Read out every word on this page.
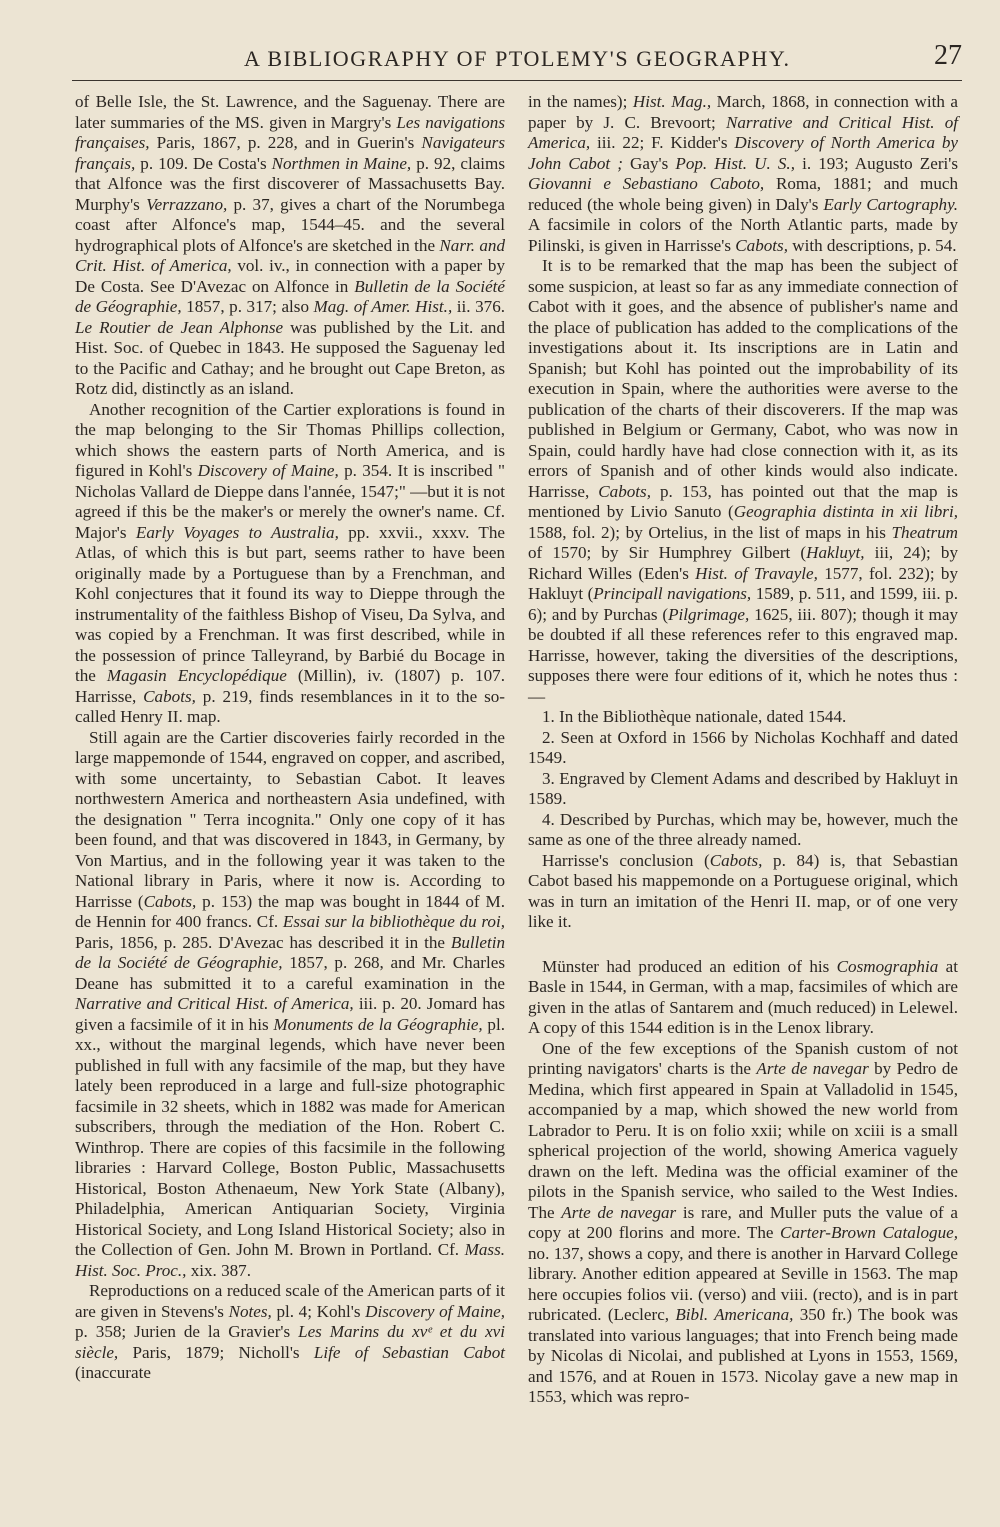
A BIBLIOGRAPHY OF PTOLEMY'S GEOGRAPHY.	27

of Belle Isle, the St. Lawrence, and the Saguenay. There are later summaries of the MS. given in Margry's Les navigations françaises, Paris, 1867, p. 228, and in Guerin's Navigateurs français, p. 109. De Costa's Northmen in Maine, p. 92, claims that Alfonce was the first discoverer of Massachusetts Bay. Murphy's Verrazzano, p. 37, gives a chart of the Norumbega coast after Alfonce's map, 1544–45. and the several hydrographical plots of Alfonce's are sketched in the Narr. and Crit. Hist. of America, vol. iv., in connection with a paper by De Costa. See D'Avezac on Alfonce in Bulletin de la Société de Géographie, 1857, p. 317; also Mag. of Amer. Hist., ii. 376. Le Routier de Jean Alphonse was published by the Lit. and Hist. Soc. of Quebec in 1843. He supposed the Saguenay led to the Pacific and Cathay; and he brought out Cape Breton, as Rotz did, distinctly as an island.

Another recognition of the Cartier explorations is found in the map belonging to the Sir Thomas Phillips collection, which shows the eastern parts of North America, and is figured in Kohl's Discovery of Maine, p. 354. It is inscribed " Nicholas Vallard de Dieppe dans l'année, 1547;" —but it is not agreed if this be the maker's or merely the owner's name. Cf. Major's Early Voyages to Australia, pp. xxvii., xxxv. The Atlas, of which this is but part, seems rather to have been originally made by a Portuguese than by a Frenchman, and Kohl conjectures that it found its way to Dieppe through the instrumentality of the faithless Bishop of Viseu, Da Sylva, and was copied by a Frenchman. It was first described, while in the possession of prince Talleyrand, by Barbié du Bocage in the Magasin Encyclopédique (Millin), iv. (1807) p. 107. Harrisse, Cabots, p. 219, finds resemblances in it to the so-called Henry II. map.

Still again are the Cartier discoveries fairly recorded in the large mappemonde of 1544, engraved on copper, and ascribed, with some uncertainty, to Sebastian Cabot. It leaves northwestern America and northeastern Asia undefined, with the designation " Terra incognita." Only one copy of it has been found, and that was discovered in 1843, in Germany, by Von Martius, and in the following year it was taken to the National library in Paris, where it now is. According to Harrisse (Cabots, p. 153) the map was bought in 1844 of M. de Hennin for 400 francs. Cf. Essai sur la bibliothèque du roi, Paris, 1856, p. 285. D'Avezac has described it in the Bulletin de la Société de Géographie, 1857, p. 268, and Mr. Charles Deane has submitted it to a careful examination in the Narrative and Critical Hist. of America, iii. p. 20. Jomard has given a facsimile of it in his Monuments de la Géographie, pl. xx., without the marginal legends, which have never been published in full with any facsimile of the map, but they have lately been reproduced in a large and full-size photographic facsimile in 32 sheets, which in 1882 was made for American subscribers, through the mediation of the Hon. Robert C. Winthrop. There are copies of this facsimile in the following libraries : Harvard College, Boston Public, Massachusetts Historical, Boston Athenaeum, New York State (Albany), Philadelphia, American Antiquarian Society, Virginia Historical Society, and Long Island Historical Society; also in the Collection of Gen. John M. Brown in Portland. Cf. Mass. Hist. Soc. Proc., xix. 387.

Reproductions on a reduced scale of the American parts of it are given in Stevens's Notes, pl. 4; Kohl's Discovery of Maine, p. 358; Jurien de la Gravier's Les Marins du xvᵉ et du xvi siècle, Paris, 1879; Nicholl's Life of Sebastian Cabot (inaccurate

in the names); Hist. Mag., March, 1868, in connection with a paper by J. C. Brevoort; Narrative and Critical Hist. of America, iii. 22; F. Kidder's Discovery of North America by John Cabot ; Gay's Pop. Hist. U. S., i. 193; Augusto Zeri's Giovanni e Sebastiano Caboto, Roma, 1881; and much reduced (the whole being given) in Daly's Early Cartography. A facsimile in colors of the North Atlantic parts, made by Pilinski, is given in Harrisse's Cabots, with descriptions, p. 54.

It is to be remarked that the map has been the subject of some suspicion, at least so far as any immediate connection of Cabot with it goes, and the absence of publisher's name and the place of publication has added to the complications of the investigations about it. Its inscriptions are in Latin and Spanish; but Kohl has pointed out the improbability of its execution in Spain, where the authorities were averse to the publication of the charts of their discoverers. If the map was published in Belgium or Germany, Cabot, who was now in Spain, could hardly have had close connection with it, as its errors of Spanish and of other kinds would also indicate. Harrisse, Cabots, p. 153, has pointed out that the map is mentioned by Livio Sanuto (Geographia distinta in xii libri, 1588, fol. 2); by Ortelius, in the list of maps in his Theatrum of 1570; by Sir Humphrey Gilbert (Hakluyt, iii, 24); by Richard Willes (Eden's Hist. of Travayle, 1577, fol. 232); by Hakluyt (Principall navigations, 1589, p. 511, and 1599, iii. p. 6); and by Purchas (Pilgrimage, 1625, iii. 807); though it may be doubted if all these references refer to this engraved map. Harrisse, however, taking the diversities of the descriptions, supposes there were four editions of it, which he notes thus :—

1. In the Bibliothèque nationale, dated 1544.

2. Seen at Oxford in 1566 by Nicholas Kochhaff and dated 1549.

3. Engraved by Clement Adams and described by Hakluyt in 1589.

4. Described by Purchas, which may be, however, much the same as one of the three already named.

Harrisse's conclusion (Cabots, p. 84) is, that Sebastian Cabot based his mappemonde on a Portuguese original, which was in turn an imitation of the Henri II. map, or of one very like it.

Münster had produced an edition of his Cosmographia at Basle in 1544, in German, with a map, facsimiles of which are given in the atlas of Santarem and (much reduced) in Lelewel. A copy of this 1544 edition is in the Lenox library.

One of the few exceptions of the Spanish custom of not printing navigators' charts is the Arte de navegar by Pedro de Medina, which first appeared in Spain at Valladolid in 1545, accompanied by a map, which showed the new world from Labrador to Peru. It is on folio xxii; while on xciii is a small spherical projection of the world, showing America vaguely drawn on the left. Medina was the official examiner of the pilots in the Spanish service, who sailed to the West Indies. The Arte de navegar is rare, and Muller puts the value of a copy at 200 florins and more. The Carter-Brown Catalogue, no. 137, shows a copy, and there is another in Harvard College library. Another edition appeared at Seville in 1563. The map here occupies folios vii. (verso) and viii. (recto), and is in part rubricated. (Leclerc, Bibl. Americana, 350 fr.) The book was translated into various languages; that into French being made by Nicolas di Nicolai, and published at Lyons in 1553, 1569, and 1576, and at Rouen in 1573. Nicolay gave a new map in 1553, which was repro-
